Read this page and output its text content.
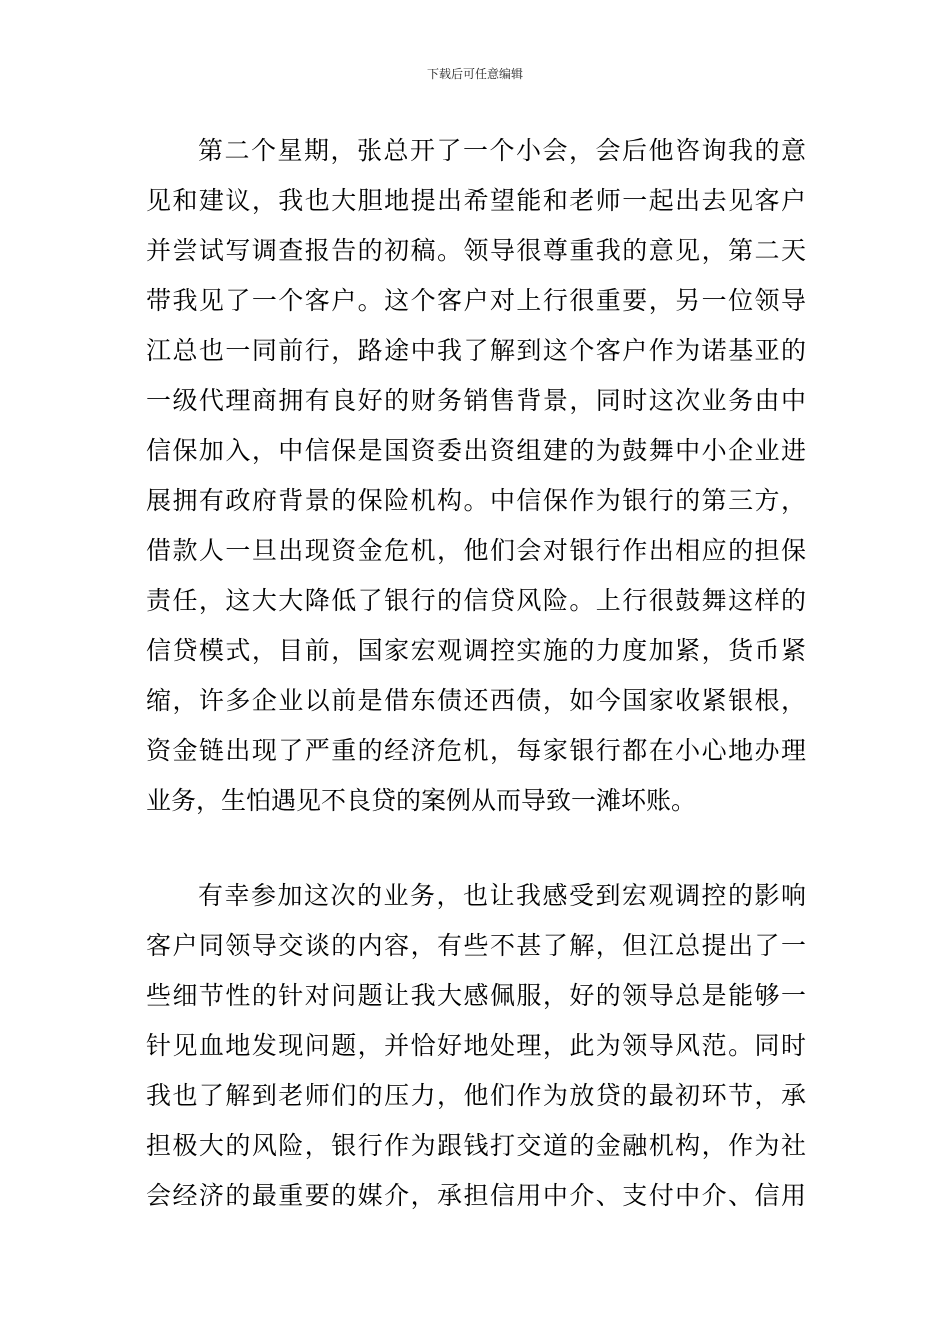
下载后可任意编辑
第二个星期，张总开了一个小会，会后他咨询我的意
见和建议，我也大胆地提出希望能和老师一起出去见客户
并尝试写调查报告的初稿。领导很尊重我的意见，第二天
带我见了一个客户。这个客户对上行很重要，另一位领导
江总也一同前行，路途中我了解到这个客户作为诺基亚的
一级代理商拥有良好的财务销售背景，同时这次业务由中
信保加入，中信保是国资委出资组建的为鼓舞中小企业进
展拥有政府背景的保险机构。中信保作为银行的第三方，
借款人一旦出现资金危机，他们会对银行作出相应的担保
责任，这大大降低了银行的信贷风险。上行很鼓舞这样的
信贷模式，目前，国家宏观调控实施的力度加紧，货币紧
缩，许多企业以前是借东债还西债，如今国家收紧银根，
资金链出现了严重的经济危机，每家银行都在小心地办理
业务，生怕遇见不良贷的案例从而导致一滩坏账。
有幸参加这次的业务，也让我感受到宏观调控的影响
客户同领导交谈的内容，有些不甚了解，但江总提出了一
些细节性的针对问题让我大感佩服，好的领导总是能够一
针见血地发现问题，并恰好地处理，此为领导风范。同时
我也了解到老师们的压力，他们作为放贷的最初环节，承
担极大的风险，银行作为跟钱打交道的金融机构，作为社
会经济的最重要的媒介，承担信用中介、支付中介、信用
